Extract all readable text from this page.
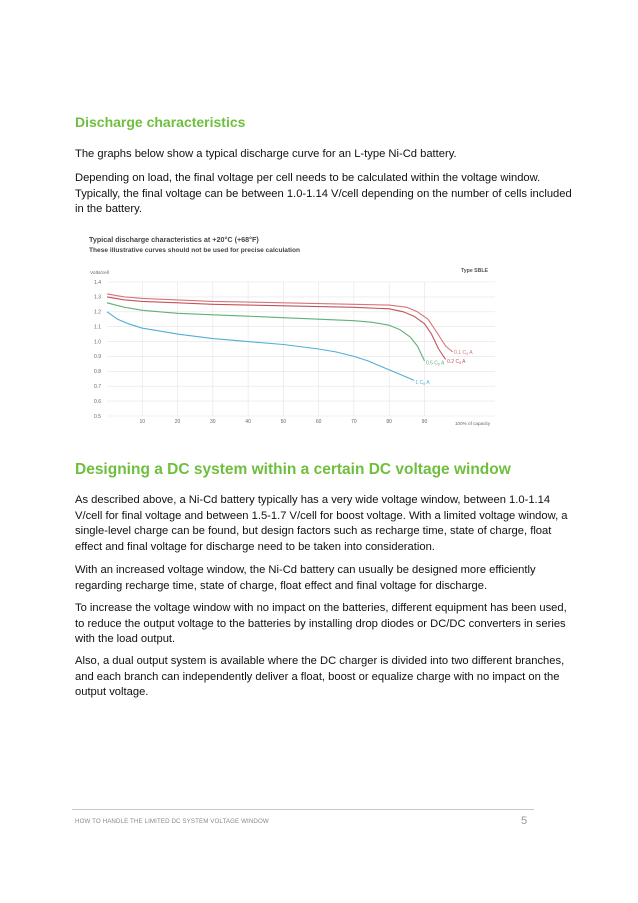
Discharge characteristics

The graphs below show a typical discharge curve for an L-type Ni-Cd battery.

Depending on load, the final voltage per cell needs to be calculated within the voltage window. Typically, the final voltage can be between 1.0-1.14 V/cell depending on the number of cells included in the battery.

Typical discharge characteristics at +20°C (+68°F)
These illustrative curves should not be used for precise calculation
Type SBLE
Volts/cell
100% of capacity
0.5
0.6
0.7
0.8
0.9
1.0
1.1
1.2
1.3
1.4
10	20	30	40	50	60	70	80	90
0.1 $C_5$ A
0.2 $C_5$ A
0.5 $C_5$ A
1 $C_5$ A
Designing a DC system within a certain DC voltage window

As described above, a Ni-Cd battery typically has a very wide voltage window, between 1.0-1.14 V/cell for final voltage and between 1.5-1.7 V/cell for boost voltage. With a limited voltage window, a single-level charge can be found, but design factors such as recharge time, state of charge, float effect and final voltage for discharge need to be taken into consideration.

With an increased voltage window, the Ni-Cd battery can usually be designed more efficiently regarding recharge time, state of charge, float effect and final voltage for discharge.

To increase the voltage window with no impact on the batteries, different equipment has been used, to reduce the output voltage to the batteries by installing drop diodes or DC/DC converters in series with the load output.

Also, a dual output system is available where the DC charger is divided into two different branches, and each branch can independently deliver a float, boost or equalize charge with no impact on the output voltage.

HOW TO HANDLE THE LIMITED DC SYSTEM VOLTAGE WINDOW	5
